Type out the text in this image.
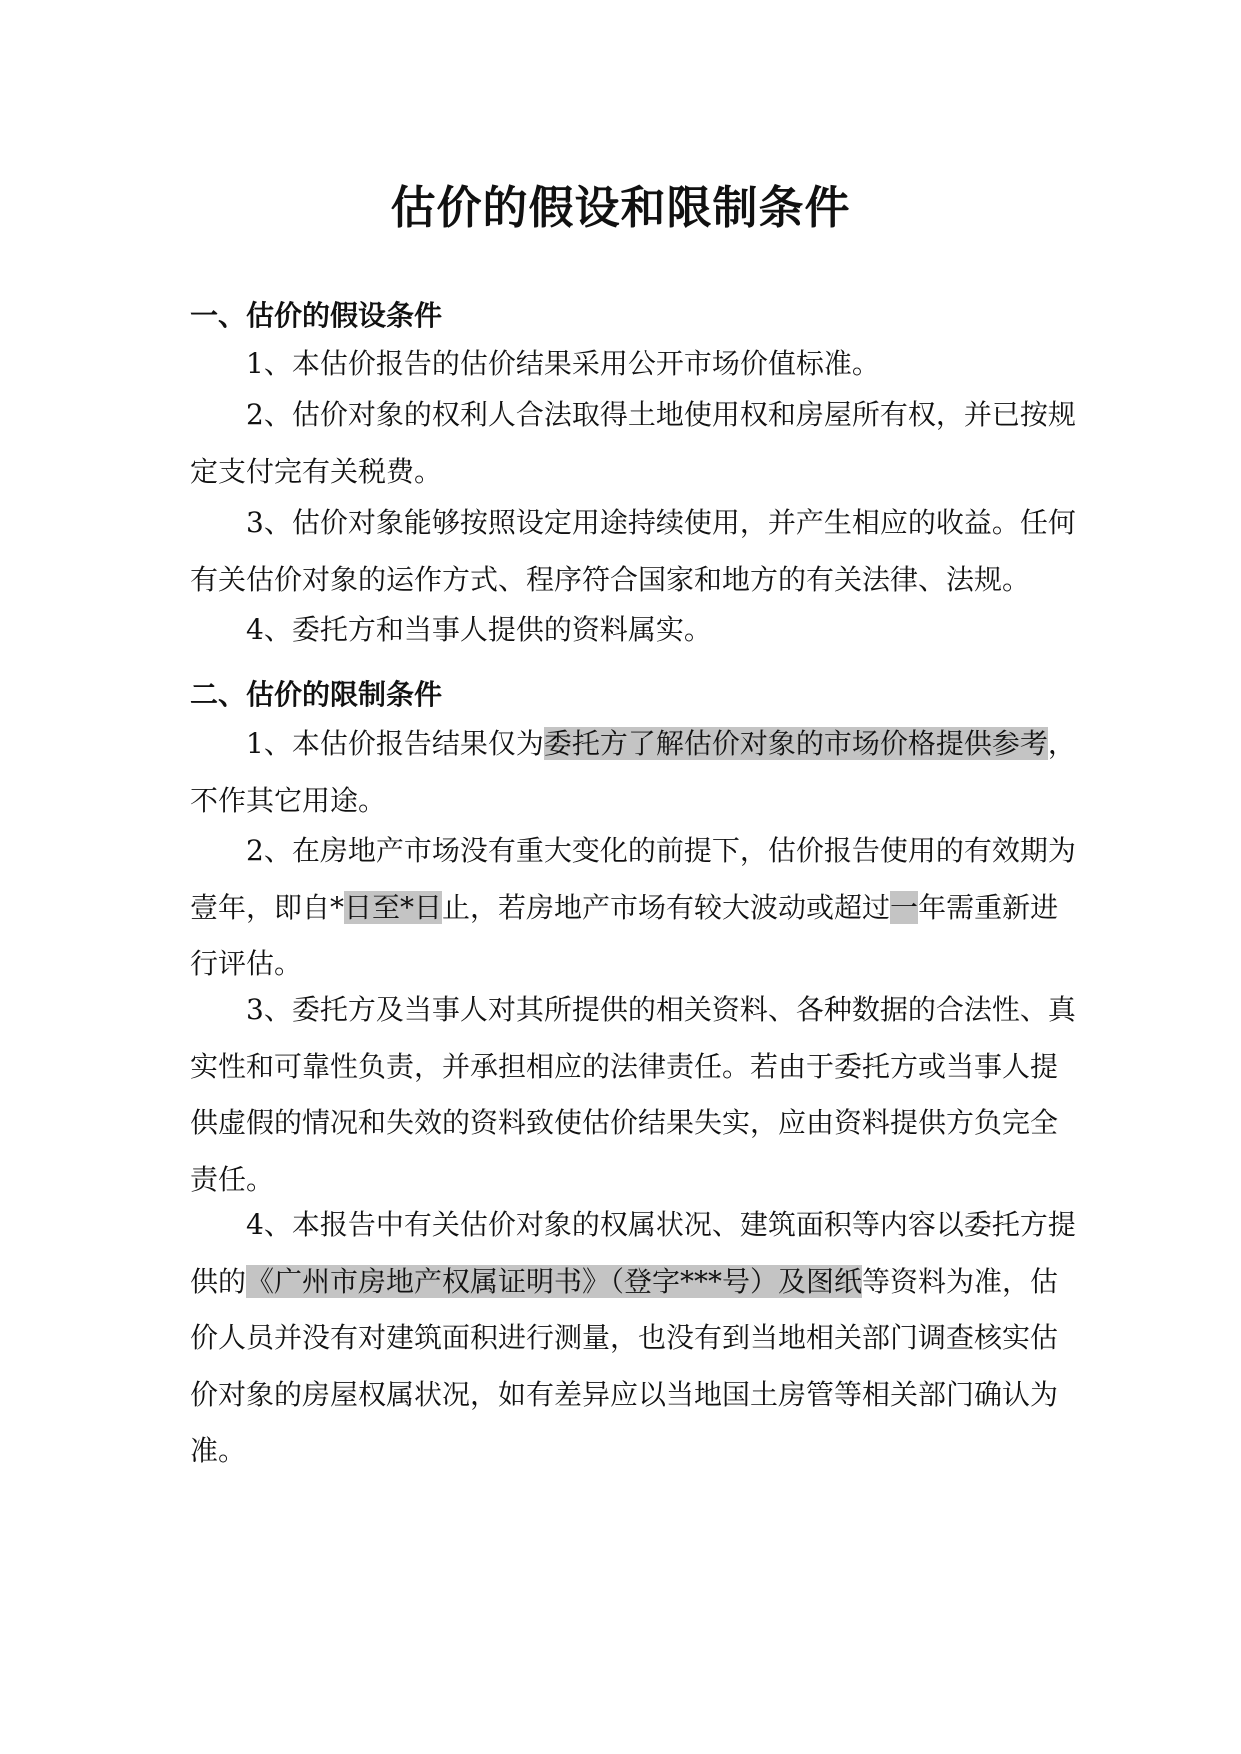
估价的假设和限制条件
一、估价的假设条件
1、本估价报告的估价结果采用公开市场价值标准。
2、估价对象的权利人合法取得土地使用权和房屋所有权，并已按规
定支付完有关税费。
3、估价对象能够按照设定用途持续使用，并产生相应的收益。任何
有关估价对象的运作方式、程序符合国家和地方的有关法律、法规。
4、委托方和当事人提供的资料属实。
二、估价的限制条件
1、本估价报告结果仅为委托方了解估价对象的市场价格提供参考，
不作其它用途。
2、在房地产市场没有重大变化的前提下，估价报告使用的有效期为
壹年，即自*日至*日止，若房地产市场有较大波动或超过一年需重新进
行评估。
3、委托方及当事人对其所提供的相关资料、各种数据的合法性、真
实性和可靠性负责，并承担相应的法律责任。若由于委托方或当事人提
供虚假的情况和失效的资料致使估价结果失实，应由资料提供方负完全
责任。
4、本报告中有关估价对象的权属状况、建筑面积等内容以委托方提
供的《广州市房地产权属证明书》（登字***号）及图纸等资料为准，估
价人员并没有对建筑面积进行测量，也没有到当地相关部门调查核实估
价对象的房屋权属状况，如有差异应以当地国土房管等相关部门确认为
准。
